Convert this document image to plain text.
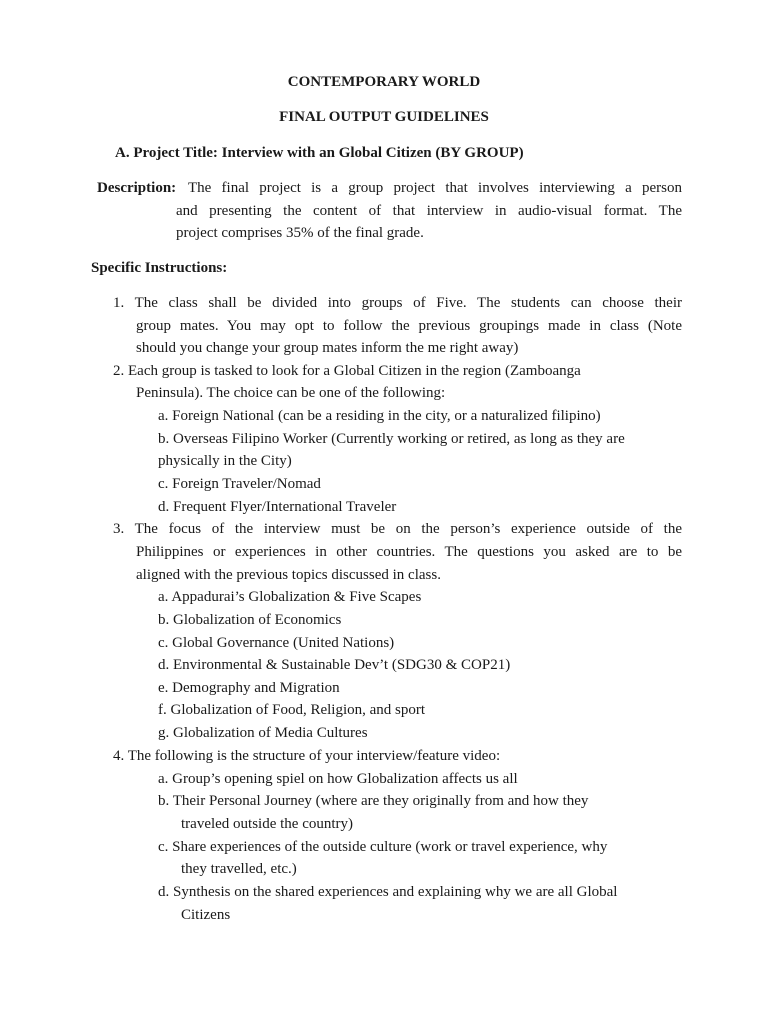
CONTEMPORARY WORLD
FINAL OUTPUT GUIDELINES
A. Project Title: Interview with an Global Citizen (BY GROUP)
Description: The final project is a group project that involves interviewing a person
and presenting the content of that interview in audio-visual format. The
project comprises 35% of the final grade.
Specific Instructions:
1. The class shall be divided into groups of Five. The students can choose their
group mates. You may opt to follow the previous groupings made in class (Note
should you change your group mates inform the me right away)
2. Each group is tasked to look for a Global Citizen in the region (Zamboanga
Peninsula). The choice can be one of the following:
a. Foreign National (can be a residing in the city, or a naturalized filipino)
b. Overseas Filipino Worker (Currently working or retired, as long as they are
physically in the City)
c. Foreign Traveler/Nomad
d. Frequent Flyer/International Traveler
3. The focus of the interview must be on the person’s experience outside of the
Philippines or experiences in other countries. The questions you asked are to be
aligned with the previous topics discussed in class.
a. Appadurai’s Globalization & Five Scapes
b. Globalization of Economics
c. Global Governance (United Nations)
d. Environmental & Sustainable Dev’t (SDG30 & COP21)
e. Demography and Migration
f. Globalization of Food, Religion, and sport
g. Globalization of Media Cultures
4. The following is the structure of your interview/feature video:
a. Group’s opening spiel on how Globalization affects us all
b. Their Personal Journey (where are they originally from and how they
traveled outside the country)
c. Share experiences of the outside culture (work or travel experience, why
they travelled, etc.)
d. Synthesis on the shared experiences and explaining why we are all Global
Citizens
